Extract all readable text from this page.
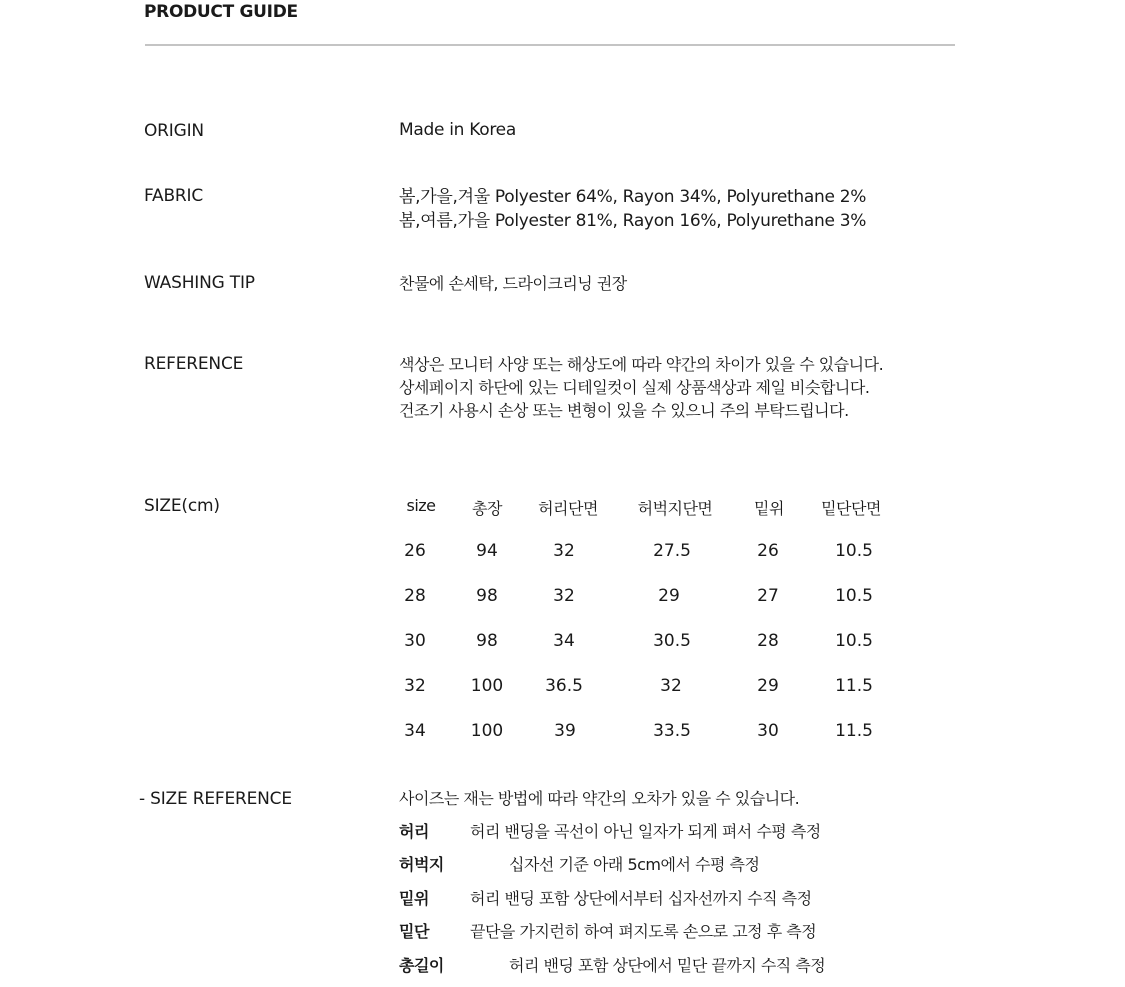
PRODUCT GUIDE
ORIGIN	Made in Korea
FABRIC	봄,가을,겨울 Polyester 64%, Rayon 34%, Polyurethane 2%
봄,여름,가을 Polyester 81%, Rayon 16%, Polyurethane 3%
WASHING TIP	찬물에 손세탁, 드라이크리닝 권장
REFERENCE	색상은 모니터 사양 또는 해상도에 따라 약간의 차이가 있을 수 있습니다.
상세페이지 하단에 있는 디테일컷이 실제 상품색상과 제일 비슷합니다.
건조기 사용시 손상 또는 변형이 있을 수 있으니 주의 부탁드립니다.
SIZE(cm)	size 총장 허리단면 허벅지단면	밑위 밑단단면
26	94	32	27.5	26	10.5
28	98	32	29	27	10.5
30	98	34	30.5	28	10.5
32	100 36.5	32	29	11.5
34	100	39	33.5	30	11.5
- SIZE REFERENCE	사이즈는 재는 방법에 따라 약간의 오차가 있을 수 있습니다.
허리	허리 밴딩을 곡선이 아닌 일자가 되게 펴서 수평 측정
허벅지	십자선 기준 아래 5cm에서 수평 측정
밑위	허리 밴딩 포함 상단에서부터 십자선까지 수직 측정
밑단	끝단을 가지런히 하여 펴지도록 손으로 고정 후 측정
총길이	허리 밴딩 포함 상단에서 밑단 끝까지 수직 측정
